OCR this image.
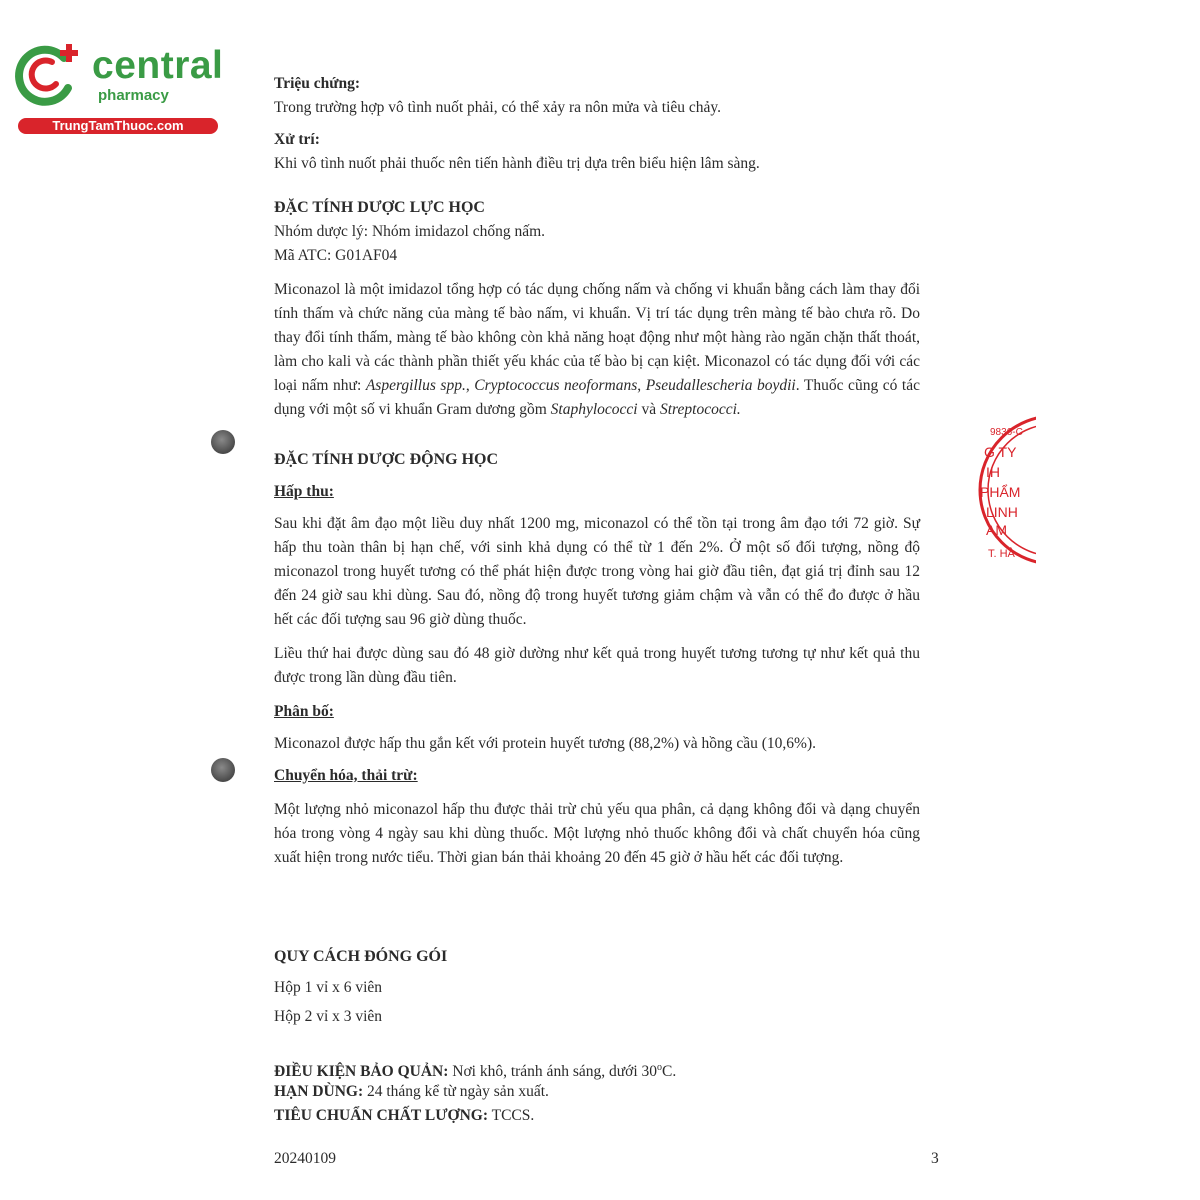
central
pharmacy
TrungTamThuoc.com
9836-C
G TY
IH
PHẨM
LINH
AM
T. HÀ

Triệu chứng:

Trong trường hợp vô tình nuốt phải, có thể xảy ra nôn mửa và tiêu chảy.

Xử trí:

Khi vô tình nuốt phải thuốc nên tiến hành điều trị dựa trên biểu hiện lâm sàng.

ĐẶC TÍNH DƯỢC LỰC HỌC

Nhóm dược lý: Nhóm imidazol chống nấm.

Mã ATC: G01AF04

Miconazol là một imidazol tổng hợp có tác dụng chống nấm và chống vi khuẩn bằng cách làm thay đổi tính thấm và chức năng của màng tế bào nấm, vi khuẩn. Vị trí tác dụng trên màng tế bào chưa rõ. Do thay đổi tính thấm, màng tế bào không còn khả năng hoạt động như một hàng rào ngăn chặn thất thoát, làm cho kali và các thành phần thiết yếu khác của tế bào bị cạn kiệt. Miconazol có tác dụng đối với các loại nấm như: Aspergillus spp., Cryptococcus neoformans, Pseudallescheria boydii. Thuốc cũng có tác dụng với một số vi khuẩn Gram dương gồm Staphylococci và Streptococci.

ĐẶC TÍNH DƯỢC ĐỘNG HỌC

Hấp thu:

Sau khi đặt âm đạo một liều duy nhất 1200 mg, miconazol có thể tồn tại trong âm đạo tới 72 giờ. Sự hấp thu toàn thân bị hạn chế, với sinh khả dụng có thể từ 1 đến 2%. Ở một số đối tượng, nồng độ miconazol trong huyết tương có thể phát hiện được trong vòng hai giờ đầu tiên, đạt giá trị đỉnh sau 12 đến 24 giờ sau khi dùng. Sau đó, nồng độ trong huyết tương giảm chậm và vẫn có thể đo được ở hầu hết các đối tượng sau 96 giờ dùng thuốc.

Liều thứ hai được dùng sau đó 48 giờ dường như kết quả trong huyết tương tương tự như kết quả thu được trong lần dùng đầu tiên.

Phân bố:

Miconazol được hấp thu gắn kết với protein huyết tương (88,2%) và hồng cầu (10,6%).

Chuyển hóa, thải trừ:

Một lượng nhỏ miconazol hấp thu được thải trừ chủ yếu qua phân, cả dạng không đổi và dạng chuyển hóa trong vòng 4 ngày sau khi dùng thuốc. Một lượng nhỏ thuốc không đổi và chất chuyển hóa cũng xuất hiện trong nước tiểu. Thời gian bán thải khoảng 20 đến 45 giờ ở hầu hết các đối tượng.

QUY CÁCH ĐÓNG GÓI
Hộp 1 vỉ x 6 viên
Hộp 2 vỉ x 3 viên
ĐIỀU KIỆN BẢO QUẢN: Nơi khô, tránh ánh sáng, dưới 30$^o$C.
HẠN DÙNG: 24 tháng kể từ ngày sản xuất.
TIÊU CHUẨN CHẤT LƯỢNG: TCCS.
20240109	3
